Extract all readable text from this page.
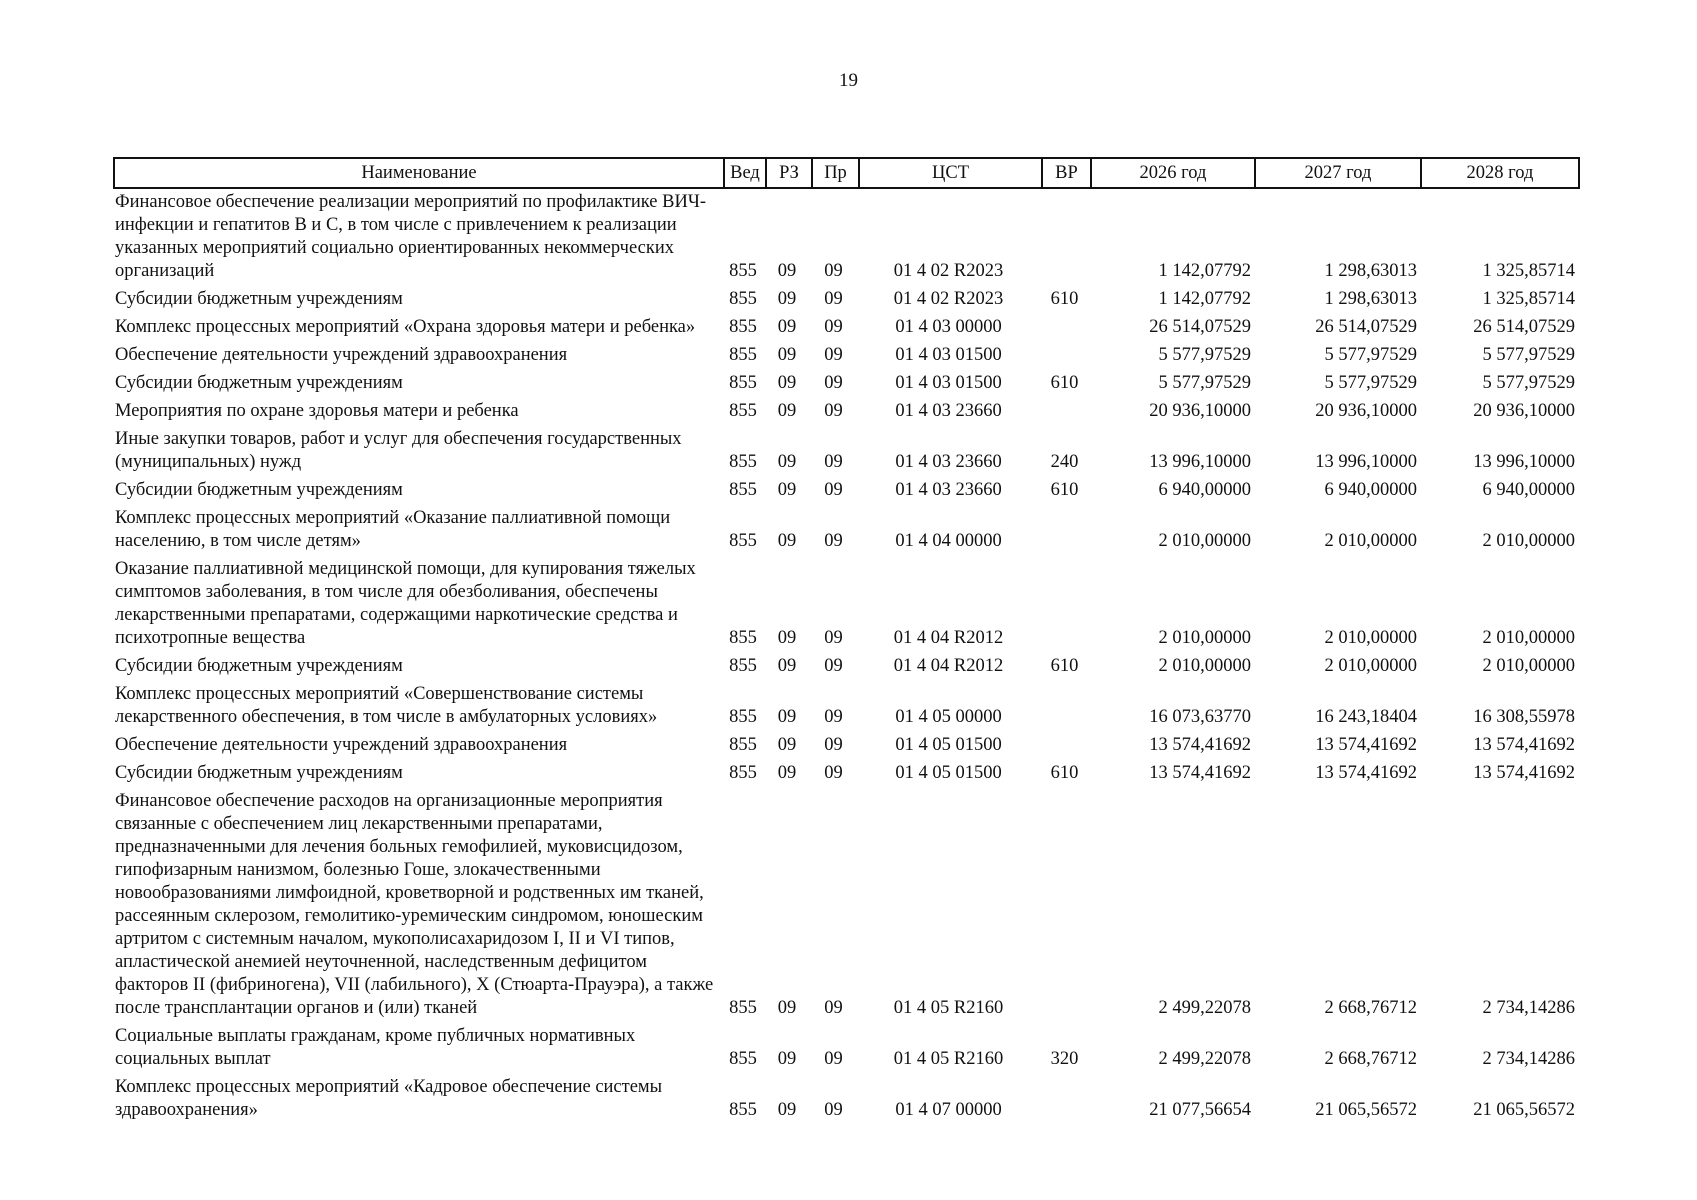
19
Наименование	Вед	РЗ	Пр	ЦСТ	ВР	2026 год	2027 год	2028 год
Финансовое обеспечение реализации мероприятий по профилактике ВИЧ-инфекции и гепатитов В и С, в том числе с привлечением к реализации указанных мероприятий социально ориентированных некоммерческих организаций	855	09	09	01 4 02 R2023		1 142,07792	1 298,63013	1 325,85714
Субсидии бюджетным учреждениям	855	09	09	01 4 02 R2023	610	1 142,07792	1 298,63013	1 325,85714
Комплекс процессных мероприятий «Охрана здоровья матери и ребенка»	855	09	09	01 4 03 00000		26 514,07529	26 514,07529	26 514,07529
Обеспечение деятельности учреждений здравоохранения	855	09	09	01 4 03 01500		5 577,97529	5 577,97529	5 577,97529
Субсидии бюджетным учреждениям	855	09	09	01 4 03 01500	610	5 577,97529	5 577,97529	5 577,97529
Мероприятия по охране здоровья матери и ребенка	855	09	09	01 4 03 23660		20 936,10000	20 936,10000	20 936,10000
Иные закупки товаров, работ и услуг для обеспечения государственных (муниципальных) нужд	855	09	09	01 4 03 23660	240	13 996,10000	13 996,10000	13 996,10000
Субсидии бюджетным учреждениям	855	09	09	01 4 03 23660	610	6 940,00000	6 940,00000	6 940,00000
Комплекс процессных мероприятий «Оказание паллиативной помощи населению, в том числе детям»	855	09	09	01 4 04 00000		2 010,00000	2 010,00000	2 010,00000
Оказание паллиативной медицинской помощи, для купирования тяжелых симптомов заболевания, в том числе для обезболивания, обеспечены лекарственными препаратами, содержащими наркотические средства и психотропные вещества	855	09	09	01 4 04 R2012		2 010,00000	2 010,00000	2 010,00000
Субсидии бюджетным учреждениям	855	09	09	01 4 04 R2012	610	2 010,00000	2 010,00000	2 010,00000
Комплекс процессных мероприятий «Совершенствование системы лекарственного обеспечения, в том числе в амбулаторных условиях»	855	09	09	01 4 05 00000		16 073,63770	16 243,18404	16 308,55978
Обеспечение деятельности учреждений здравоохранения	855	09	09	01 4 05 01500		13 574,41692	13 574,41692	13 574,41692
Субсидии бюджетным учреждениям	855	09	09	01 4 05 01500	610	13 574,41692	13 574,41692	13 574,41692
Финансовое обеспечение расходов на организационные мероприятия связанные с обеспечением лиц лекарственными препаратами, предназначенными для лечения больных гемофилией, муковисцидозом, гипофизарным нанизмом, болезнью Гоше, злокачественными новообразованиями лимфоидной, кроветворной и родственных им тканей, рассеянным склерозом, гемолитико-уремическим синдромом, юношеским артритом с системным началом, мукополисахаридозом I, II и VI типов, апластической анемией неуточненной, наследственным дефицитом факторов II (фибриногена), VII (лабильного), X (Стюарта-Прауэра), а также после трансплантации органов и (или) тканей	855	09	09	01 4 05 R2160		2 499,22078	2 668,76712	2 734,14286
Социальные выплаты гражданам, кроме публичных нормативных социальных выплат	855	09	09	01 4 05 R2160	320	2 499,22078	2 668,76712	2 734,14286
Комплекс процессных мероприятий «Кадровое обеспечение системы здравоохранения»	855	09	09	01 4 07 00000		21 077,56654	21 065,56572	21 065,56572
